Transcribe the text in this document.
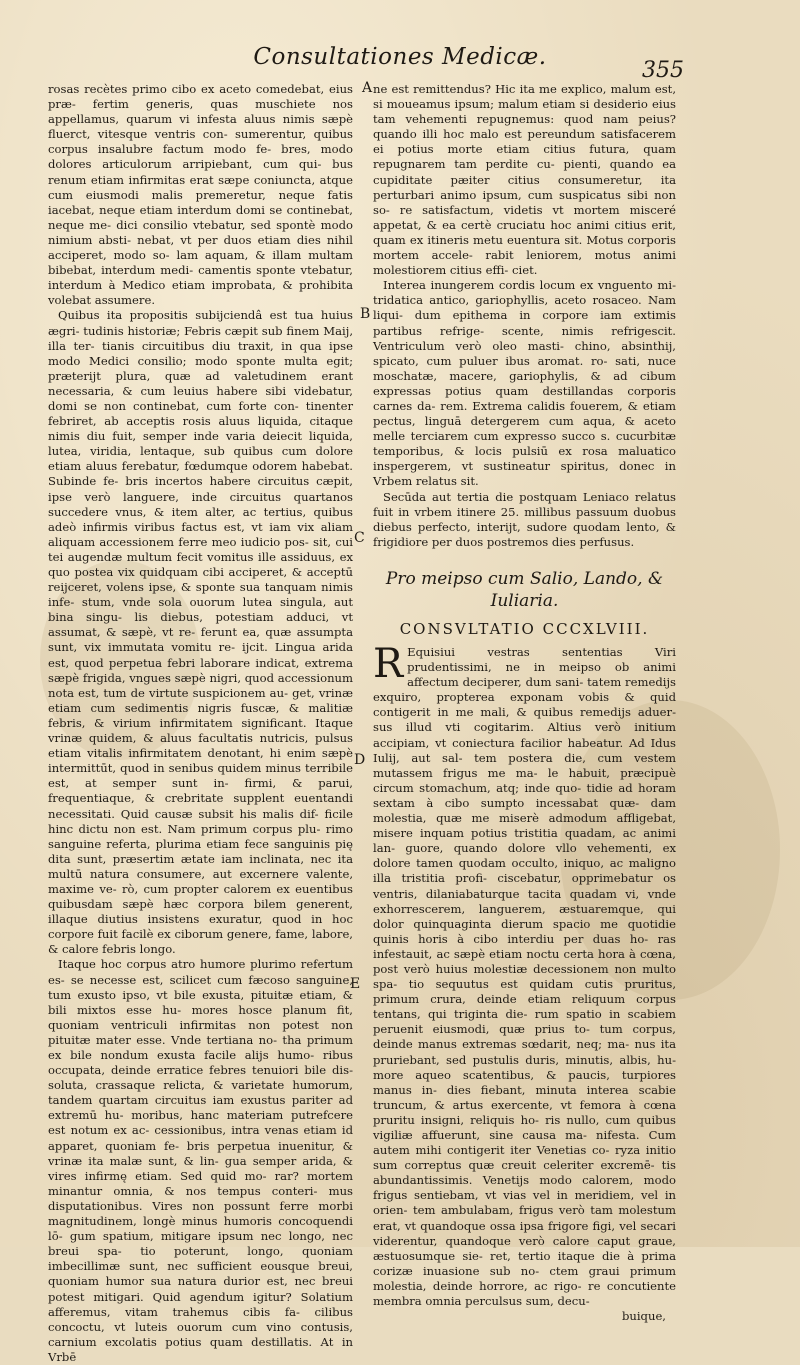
Consultationes Medicæ.
355

rosas recètes primo cibo ex aceto comedebat, eius præ- fertim generis, quas muschiete nos appellamus, quarum vi infesta aluus nimis sæpè fluerct, vitesque ventris con- sumerentur, quibus corpus insalubre factum modo fe- bres, modo dolores articulorum arripiebant, cum qui- bus renum etiam infirmitas erat sæpe coniuncta, atque cum eiusmodi malis premeretur, neque fatis iacebat, neque etiam interdum domi se continebat, neque me- dici consilio vtebatur, sed spontè modo nimium absti- nebat, vt per duos etiam dies nihil acciperet, modo so- lam aquam, & illam multam bibebat, interdum medi- camentis sponte vtebatur, interdum à Medico etiam improbata, & prohibita volebat assumere.

Quibus ita propositis subijciendâ est tua huius ægri- tudinis historiæ; Febris cæpit sub finem Maij, illa ter- tianis circuitibus diu traxit, in qua ipse modo Medici consilio; modo sponte multa egit; præterijt plura, quæ ad valetudinem erant necessaria, & cum leuius habere sibi videbatur, domi se non continebat, cum forte con- tinenter febriret, ab acceptis rosis aluus liquida, citaque nimis diu fuit, semper inde varia deiecit liquida, lutea, viridia, lentaque, sub quibus cum dolore etiam aluus ferebatur, fœdumque odorem habebat. Subinde fe- bris incertos habere circuitus cæpit, ipse verò languere, inde circuitus quartanos succedere vnus, & item alter, ac tertius, quibus adeò infirmis viribus factus est, vt iam vix aliam aliquam accessionem ferre meo iudicio pos- sit, cui tei augendæ multum fecit vomitus ille assiduus, ex quo postea vix quidquam cibi acciperet, & acceptū reijceret, volens ipse, & sponte sua tanquam nimis infe- stum, vnde sola ouorum lutea singula, aut bina singu- lis diebus, potestiam adduci, vt assumat, & sæpè, vt re- ferunt ea, quæ assumpta sunt, vix immutata vomitu re- ijcit. Lingua arida est, quod perpetua febri laborare indicat, extrema sæpè frigida, vngues sæpè nigri, quod accessionum nota est, tum de virtute suspicionem au- get, vrinæ etiam cum sedimentis nigris fuscæ, & malitiæ febris, & virium infirmitatem significant. Itaque vrinæ quidem, & aluus facultatis nutricis, pulsus etiam vitalis infirmitatem denotant, hi enim sæpè intermittūt, quod in senibus quidem minus terribile est, at semper sunt in- firmi, & parui, frequentiaque, & crebritate supplent euentandi necessitati. Quid causæ subsit his malis dif- ficile hinc dictu non est. Nam primum corpus plu- rimo sanguine referta, plurima etiam fece sanguinis pię dita sunt, præsertim ætate iam inclinata, nec ita multū natura consumere, aut excernere valente, maxime ve- rò, cum propter calorem ex euentibus quibusdam sæpè hæc corpora bilem generent, illaque diutius insistens exuratur, quod in hoc corpore fuit facilè ex ciborum genere, fame, labore, & calore febris longo.

Itaque hoc corpus atro humore plurimo refertum es- se necesse est, scilicet cum fæcoso sanguine, tum exusto ipso, vt bile exusta, pituitæ etiam, & bili mixtos esse hu- mores hosce planum fit, quoniam ventriculi infirmitas non potest non pituitæ mater esse. Vnde tertiana no- tha primum ex bile nondum exusta facile alijs humo- ribus occupata, deinde erratice febres tenuiori bile dis- soluta, crassaque relicta, & varietate humorum, tandem quartam circuitus iam exustus pariter ad extremū hu- moribus, hanc materiam putrefcere est notum ex ac- cessionibus, intra venas etiam id apparet, quoniam fe- bris perpetua inuenitur, & vrinæ ita malæ sunt, & lin- gua semper arida, & vires infirmę etiam. Sed quid mo- rar? mortem minantur omnia, & nos tempus conteri- mus disputationibus. Vires non possunt ferre morbi magnitudinem, longè minus humoris concoquendi lō- gum spatium, mitigare ipsum nec longo, nec breui spa- tio poterunt, longo, quoniam imbecillimæ sunt, nec sufficient eousque breui, quoniam humor sua natura durior est, nec breui potest mitigari. Quid agendum igitur? Solatium afferemus, vitam trahemus cibis fa- cilibus concoctu, vt luteis ouorum cum vino contusis, carnium excolatis potius quam destillatis. At in Vrbē

A
B
C
D
E

ne est remittendus? Hic ita me explico, malum est, si moueamus ipsum; malum etiam si desiderio eius tam vehementi repugnemus: quod nam peius? quando illi hoc malo est pereundum satisfacerem ei potius morte etiam citius futura, quam repugnarem tam perdite cu- pienti, quando ea cupiditate pæiter citius consumeretur, ita perturbari animo ipsum, cum suspicatus sibi non so- re satisfactum, videtis vt mortem misceré appetat, & ea certè cruciatu hoc animi citius erit, quam ex itineris metu euentura sit. Motus corporis mortem accele- rabit leniorem, motus animi molestiorem citius effi- ciet.

Interea inungerem cordis locum ex vnguento mi- tridatica antico, gariophyllis, aceto rosaceo. Nam liqui- dum epithema in corpore iam extimis partibus refrige- scente, nimis refrigescit. Ventriculum verò oleo masti- chino, absinthij, spicato, cum puluer ibus aromat. ro- sati, nuce moschatæ, macere, gariophylis, & ad cibum expressas potius quam destillandas corporis carnes da- rem. Extrema calidis fouerem, & etiam pectus, linguā detergerem cum aqua, & aceto melle terciarem cum expresso succo s. cucurbitæ temporibus, & locis pulsiū ex rosa maluatico inspergerem, vt sustineatur spiritus, donec in Vrbem relatus sit.

Secūda aut tertia die postquam Leniaco relatus fuit in vrbem itinere 25. millibus passuum duobus diebus perfecto, interijt, sudore quodam lento, & frigidiore per duos postremos dies perfusus.

Pro meipso cum Salio, Lando, &
Iuliaria.
CONSVLTATIO CCCXLVIII.

R Equisiui vestras sententias Viri prudentissimi, ne in meipso ob animi affectum deciperer, dum sani- tatem remedijs exquiro, propterea exponam vobis & quid contigerit in me mali, & quibus remedijs aduer- sus illud vti cogitarim. Altius verò initium accipiam, vt coniectura facilior habeatur. Ad Idus Iulij, aut sal- tem postera die, cum vestem mutassem frigus me ma- le habuit, præcipuè circum stomachum, atq; inde quo- tidie ad horam sextam à cibo sumpto incessabat quæ- dam molestia, quæ me miserè admodum affligebat, misere inquam potius tristitia quadam, ac animi lan- guore, quando dolore vllo vehementi, ex dolore tamen quodam occulto, iniquo, ac maligno illa tristitia profi- ciscebatur, opprimebatur os ventris, dilaniabaturque tacita quadam vi, vnde exhorrescerem, languerem, æstuaremque, qui dolor quinquaginta dierum spacio me quotidie quinis horis à cibo interdiu per duas ho- ras infestauit, ac sæpè etiam noctu certa hora à cœna, post verò huius molestiæ decessionem non multo spa- tio sequutus est quidam cutis pruritus, primum crura, deinde etiam reliquum corpus tentans, qui triginta die- rum spatio in scabiem peruenit eiusmodi, quæ prius to- tum corpus, deinde manus extremas sœdarit, neq; ma- nus ita pruriebant, sed pustulis duris, minutis, albis, hu- more aqueo scatentibus, & paucis, turpiores manus in- dies fiebant, minuta interea scabie truncum, & artus exercente, vt femora à cœna pruritu insigni, reliquis ho- ris nullo, cum quibus vigiliæ affuerunt, sine causa ma- nifesta. Cum autem mihi contigerit iter Venetias co- ryza initio sum correptus quæ creuit celeriter excremē- tis abundantissimis. Venetijs modo calorem, modo frigus sentiebam, vt vias vel in meridiem, vel in orien- tem ambulabam, frigus verò tam molestum erat, vt quandoque ossa ipsa frigore figi, vel secari viderentur, quandoque verò calore caput graue, æstuosumque sie- ret, tertio itaque die à prima corizæ inuasione sub no- ctem graui primum molestia, deinde horrore, ac rigo- re concutiente membra omnia perculsus sum, decu-

buique,
